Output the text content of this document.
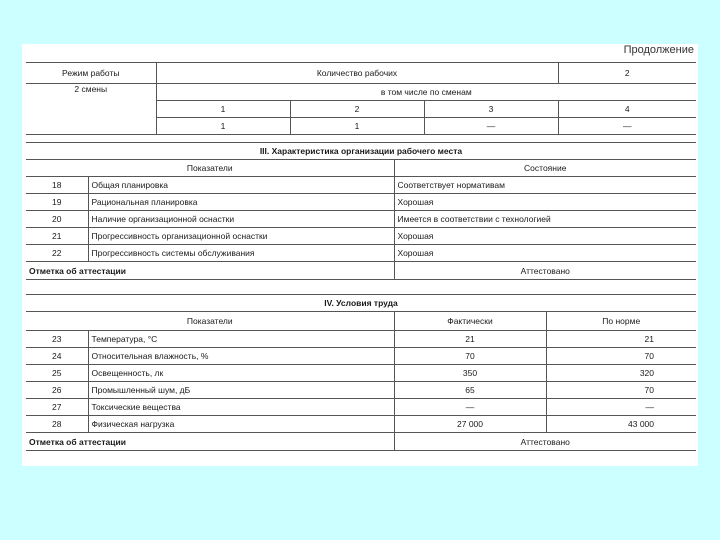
Продолжение
Режим работы	Количество рабочих			2
2 смены	в том числе по сменам			
	1	2	3	4
	1	1	—	—
III. Характеристика организации рабочего места		
Показатели		Состояние
18	Общая планировка	Соответствует нормативам
19	Рациональная планировка	Хорошая
20	Наличие организационной оснастки	Имеется в соответствии с технологией
21	Прогрессивность организационной оснастки	Хорошая
22	Прогрессивность системы обслуживания	Хорошая
Отметка об аттестации		Аттестовано
IV. Условия труда			
Показатели		Фактически	По норме
23	Температура, °С	21	21
24	Относительная влажность, %	70	70
25	Освещенность, лк	350	320
26	Промышленный шум, дБ	65	70
27	Токсические вещества	—	—
28	Физическая нагрузка	27 000	43 000
Отметка об аттестации		Аттестовано	
